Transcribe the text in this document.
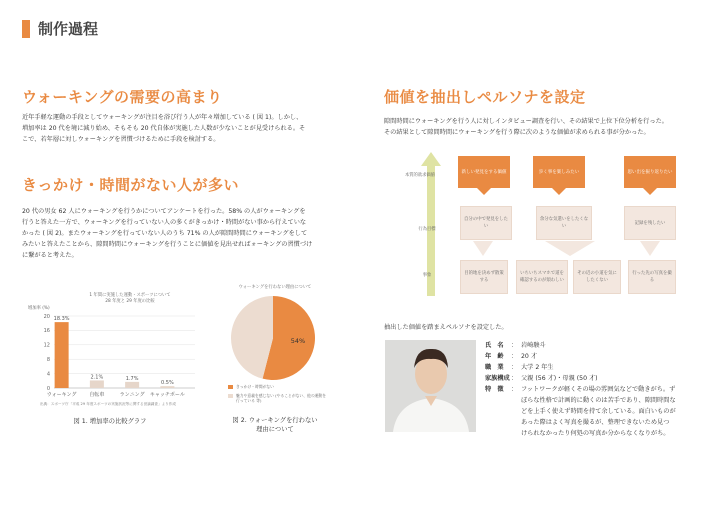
制作過程
ウォーキングの需要の高まり
近年手軽な運動の手段としてウォーキングが注目を浴び行う人が年々増加している ( 図 1)。しかし、
増加率は 20 代を境に減り始め、そもそも 20 代自体が実施した人数が少ないことが見受けられる。そ
こで、若年層に対しウォーキングを習慣づけるために手段を検討する。
きっかけ・時間がない人が多い
20 代の男女 62 人にウォーキングを行うかについてアンケートを行った。58% の人がウォーキングを
行うと答えた一方で、ウォーキングを行っていない人の多くがきっかけ・時間がない事から行えていな
かった ( 図 2)。またウォーキングを行っていない人のうち 71% の人が隙間時間にウォーキングをして
みたいと答えたことから、隙間時間にウォーキングを行うことに価値を見出せればォーキングの習慣づけ
に繋がると考えた。
1 年間に実施した運動・スポーツについて
28 年度と 29 年度の比較
増加率 (%)
0
4
8
12
16
20 18.3%
ウォーキング
2.1%
自転車
1.7%
ランニング
0.5%
キャッチボール
出典：スポーツ庁「平成 29 年度スポーツの実施状況等に関する世論調査」より作成
図 1. 増加率の比較グラフ
ウォーキングを行わない理由について
54%
きっかけ・時間がない
魅力や意義を感じない (やることがない、他の運動を行っている 等)
図 2. ウォーキングを行わない
理由について
価値を抽出しペルソナを設定
隙間時間にウォーキングを行う人に対しインタビュー調査を行い、その結果で上位下位分析を行った。
その結果として隙間時間にウォーキングを行う際に次のような価値が求められる事が分かった。
本質的欲求価値
行為目標
事象
新しい発見をする価値	歩く事を楽しみたい	思い出を振り返りたい
自分の中で発見をしたい
余分な気遣いをしたくない
記録を残したい
目的地を決めず散策する
いちいちスマホで道を確認するのが煩わしい
その辺の小道を気にしたくない
行った先の写真を撮る
抽出した価値を踏まえペルソナを設定した。
氏　名	： 岩崎駿斗
年　齢	： 20 才
職　業	： 大学 2 年生
家族構成 ： 父親 (56 才)・母親 (50 才)
特　徴	： フットワークが軽くその場の雰囲気などで動きがち。ず
ぼらな性格で計画的に動くのは苦手であり、隙間時間な
どを上手く使えず時間を持て余している。面白いものが
あった際はよく写真を撮るが、整理できないため見つ
けられなかったり何処の写真か分からなくなりがち。
